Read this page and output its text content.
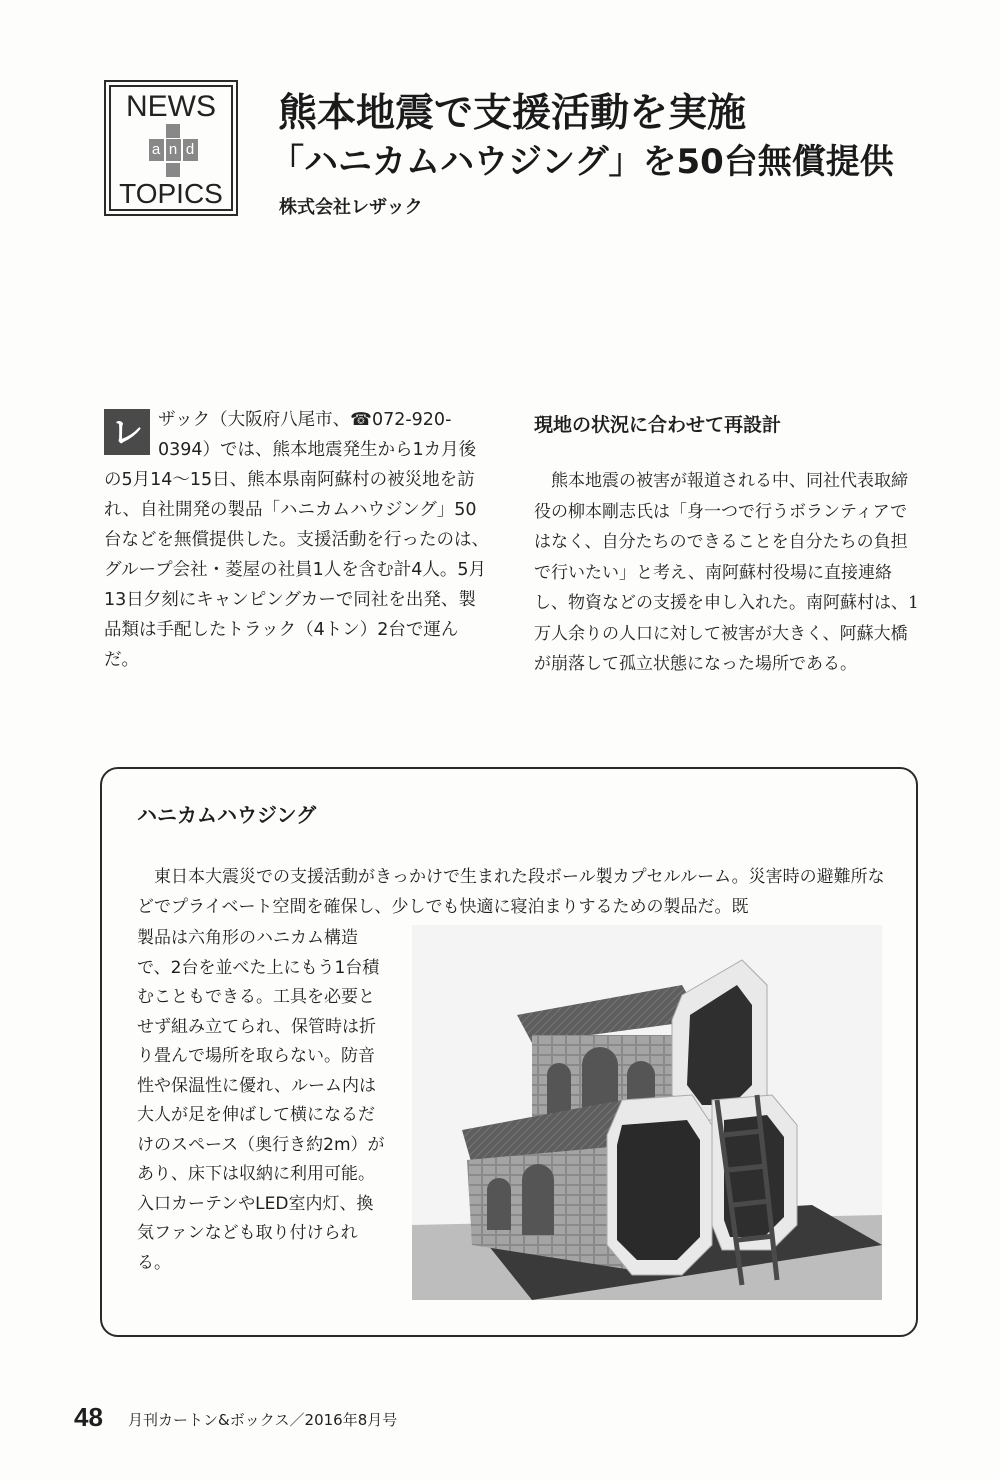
NEWS
a n d
TOPICS
熊本地震で支援活動を実施
「ハニカムハウジング」を50台無償提供
株式会社レザック
レ ザック（大阪府八尾市、☎072-920-0394）では、熊本地震発生から1カ月後の5月14〜15日、熊本県南阿蘇村の被災地を訪れ、自社開発の製品「ハニカムハウジング」50台などを無償提供した。支援活動を行ったのは、グループ会社・菱屋の社員1人を含む計4人。5月13日夕刻にキャンピングカーで同社を出発、製品類は手配したトラック（4トン）2台で運んだ。
現地の状況に合わせて再設計
熊本地震の被害が報道される中、同社代表取締役の柳本剛志氏は「身一つで行うボランティアではなく、自分たちのできることを自分たちの負担で行いたい」と考え、南阿蘇村役場に直接連絡し、物資などの支援を申し入れた。南阿蘇村は、1万人余りの人口に対して被害が大きく、阿蘇大橋が崩落して孤立状態になった場所である。
ハニカムハウジング
東日本大震災での支援活動がきっかけで生まれた段ボール製カプセルルーム。災害時の避難所などでプライベート空間を確保し、少しでも快適に寝泊まりするための製品だ。既
製品は六角形のハニカム構造で、2台を並べた上にもう1台積むこともできる。工具を必要とせず組み立てられ、保管時は折り畳んで場所を取らない。防音性や保温性に優れ、ルーム内は大人が足を伸ばして横になるだけのスペース（奥行き約2m）があり、床下は収納に利用可能。入口カーテンやLED室内灯、換気ファンなども取り付けられる。
48 月刊カートン&ボックス／2016年8月号
